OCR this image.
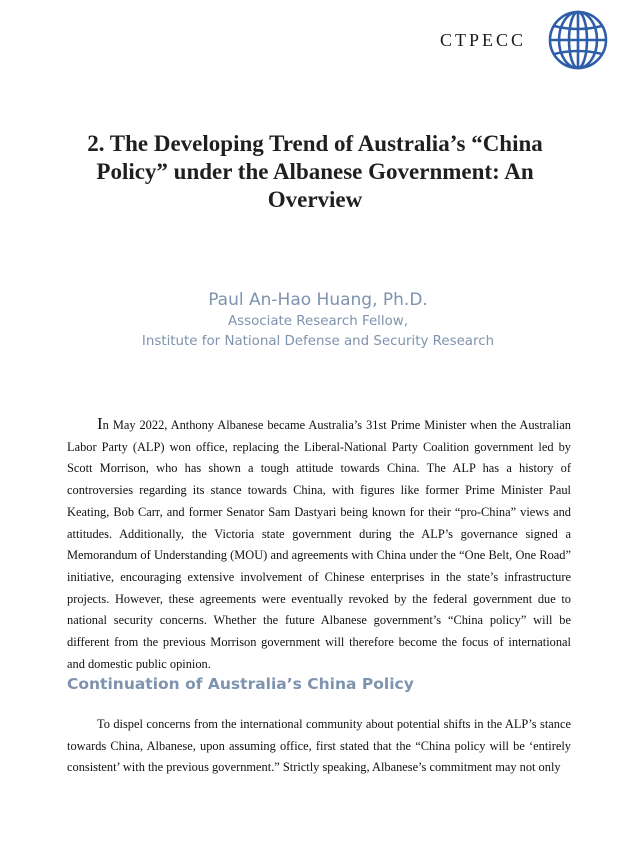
CTPECC
2. The Developing Trend of Australia’s “China Policy” under the Albanese Government: An Overview
Paul An-Hao Huang, Ph.D.
Associate Research Fellow,
Institute for National Defense and Security Research

In May 2022, Anthony Albanese became Australia’s 31st Prime Minister when the Australian Labor Party (ALP) won office, replacing the Liberal-National Party Coalition government led by Scott Morrison, who has shown a tough attitude towards China. The ALP has a history of controversies regarding its stance towards China, with figures like former Prime Minister Paul Keating, Bob Carr, and former Senator Sam Dastyari being known for their “pro-China” views and attitudes. Additionally, the Victoria state government during the ALP’s governance signed a Memorandum of Understanding (MOU) and agreements with China under the “One Belt, One Road” initiative, encouraging extensive involvement of Chinese enterprises in the state’s infrastructure projects. However, these agreements were eventually revoked by the federal government due to national security concerns. Whether the future Albanese government’s “China policy” will be different from the previous Morrison government will therefore become the focus of international and domestic public opinion.

Continuation of Australia’s China Policy

To dispel concerns from the international community about potential shifts in the ALP’s stance towards China, Albanese, upon assuming office, first stated that the “China policy will be ‘entirely consistent’ with the previous government.” Strictly speaking, Albanese’s commitment may not only
